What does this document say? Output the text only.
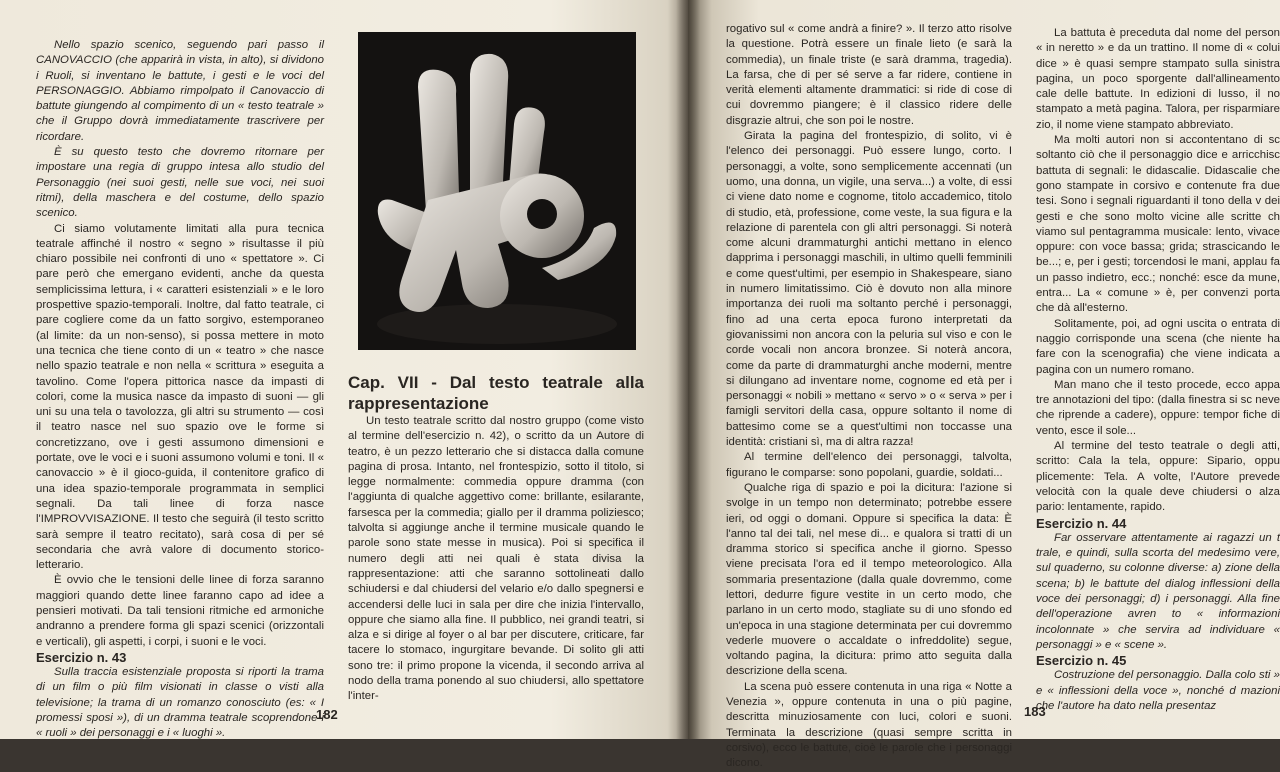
Nello spazio scenico, seguendo pari passo il CANOVACCIO (che apparirà in vista, in alto), si dividono i Ruoli, si inventano le battute, i gesti e le voci del PERSONAGGIO. Abbiamo rimpolpato il Canovaccio di battute giungendo al compimento di un « testo teatrale » che il Gruppo dovrà immediatamente trascrivere per ricordare.

È su questo testo che dovremo ritornare per impostare una regia di gruppo intesa allo studio del Personaggio (nei suoi gesti, nelle sue voci, nei suoi ritmi), della maschera e del costume, dello spazio scenico.

Ci siamo volutamente limitati alla pura tecnica teatrale affinché il nostro « segno » risultasse il più chiaro possibile nei confronti di uno « spettatore ». Ci pare però che emergano evidenti, anche da questa semplicissima lettura, i « caratteri esistenziali » e le loro prospettive spazio-temporali. Inoltre, dal fatto teatrale, ci pare cogliere come da un fatto sorgivo, estemporaneo (al limite: da un non-senso), si possa mettere in moto una tecnica che tiene conto di un « teatro » che nasce nello spazio teatrale e non nella « scrittura » eseguita a tavolino. Come l'opera pittorica nasce da impasti di colori, come la musica nasce da impasto di suoni — gli uni su una tela o tavolozza, gli altri su strumento — così il teatro nasce nel suo spazio ove le forme si concretizzano, ove i gesti assumono dimensioni e portate, ove le voci e i suoni assumono volumi e toni. Il « canovaccio » è il gioco-guida, il contenitore grafico di una idea spazio-temporale programmata in semplici segnali. Da tali linee di forza nasce l'IMPROVVISAZIONE. Il testo che seguirà (il testo scritto sarà sempre il teatro recitato), sarà cosa di per sé secondaria che avrà valore di documento storico-letterario.

È ovvio che le tensioni delle linee di forza saranno maggiori quando dette linee faranno capo ad idee a pensieri motivati. Da tali tensioni ritmiche ed armoniche andranno a prendere forma gli spazi scenici (orizzontali e verticali), gli aspetti, i corpi, i suoni e le voci.

Esercizio n. 43

Sulla traccia esistenziale proposta si riporti la trama di un film o più film visionati in classe o visti alla televisione; la trama di un romanzo conosciuto (es: « I promessi sposi »), di un dramma teatrale scoprendone i « ruoli » dei personaggi e i « luoghi ».

Cap. VII - Dal testo teatrale alla rappresentazione

Un testo teatrale scritto dal nostro gruppo (come visto al termine dell'esercizio n. 42), o scritto da un Autore di teatro, è un pezzo letterario che si distacca dalla comune pagina di prosa. Intanto, nel frontespizio, sotto il titolo, si legge normalmente: commedia oppure dramma (con l'aggiunta di qualche aggettivo come: brillante, esilarante, farsesca per la commedia; giallo per il dramma poliziesco; talvolta si aggiunge anche il termine musicale quando le parole sono state messe in musica). Poi si specifica il numero degli atti nei quali è stata divisa la rappresentazione: atti che saranno sottolineati dallo schiudersi e dal chiudersi del velario e/o dallo spegnersi e accendersi delle luci in sala per dire che inizia l'intervallo, oppure che siamo alla fine. Il pubblico, nei grandi teatri, si alza e si dirige al foyer o al bar per discutere, criticare, far tacere lo stomaco, ingurgitare bevande. Di solito gli atti sono tre: il primo propone la vicenda, il secondo arriva al nodo della trama ponendo al suo chiudersi, allo spettatore l'inter-

182

rogativo sul « come andrà a finire? ». Il terzo atto risolve la questione. Potrà essere un finale lieto (e sarà la commedia), un finale triste (e sarà dramma, tragedia). La farsa, che di per sé serve a far ridere, contiene in verità elementi altamente drammatici: si ride di cose di cui dovremmo piangere; è il classico ridere delle disgrazie altrui, che son poi le nostre.

Girata la pagina del frontespizio, di solito, vi è l'elenco dei personaggi. Può essere lungo, corto. I personaggi, a volte, sono semplicemente accennati (un uomo, una donna, un vigile, una serva...) a volte, di essi ci viene dato nome e cognome, titolo accademico, titolo di studio, età, professione, come veste, la sua figura e la relazione di parentela con gli altri personaggi. Si noterà come alcuni drammaturghi antichi mettano in elenco dapprima i personaggi maschili, in ultimo quelli femminili e come quest'ultimi, per esempio in Shakespeare, siano in numero limitatissimo. Ciò è dovuto non alla minore importanza dei ruoli ma soltanto perché i personaggi, fino ad una certa epoca furono interpretati da giovanissimi non ancora con la peluria sul viso e con le corde vocali non ancora bronzee. Si noterà ancora, come da parte di drammaturghi anche moderni, mentre si dilungano ad inventare nome, cognome ed età per i personaggi « nobili » mettano « servo » o « serva » per i famigli servitori della casa, oppure soltanto il nome di battesimo come se a quest'ultimi non toccasse una identità: cristiani sì, ma di altra razza!

Al termine dell'elenco dei personaggi, talvolta, figurano le comparse: sono popolani, guardie, soldati...

Qualche riga di spazio e poi la dicitura: l'azione si svolge in un tempo non determinato; potrebbe essere ieri, od oggi o domani. Oppure si specifica la data: È l'anno tal dei tali, nel mese di... e qualora si tratti di un dramma storico si specifica anche il giorno. Spesso viene precisata l'ora ed il tempo meteorologico. Alla sommaria presentazione (dalla quale dovremmo, come lettori, dedurre figure vestite in un certo modo, che parlano in un certo modo, stagliate su di uno sfondo ed un'epoca in una stagione determinata per cui dovremmo vederle muovere o accaldate o infreddolite) segue, voltando pagina, la dicitura: primo atto seguita dalla descrizione della scena.

La scena può essere contenuta in una riga « Notte a Venezia », oppure contenuta in una o più pagine, descritta minuziosamente con luci, colori e suoni. Terminata la descrizione (quasi sempre scritta in corsivo), ecco le battute, cioè le parole che i personaggi dicono.

La battuta è preceduta dal nome del person « in neretto » e da un trattino. Il nome di « colui dice » è quasi sempre stampato sulla sinistra pagina, un poco sporgente dall'allineamento cale delle battute. In edizioni di lusso, il no stampato a metà pagina. Talora, per risparmiare zio, il nome viene stampato abbreviato.

Ma molti autori non si accontentano di sc soltanto ciò che il personaggio dice e arricchisc battuta di segnali: le didascalie. Didascalie che gono stampate in corsivo e contenute fra due tesi. Sono i segnali riguardanti il tono della v dei gesti e che sono molto vicine alle scritte ch viamo sul pentagramma musicale: lento, vivace oppure: con voce bassa; grida; strascicando le be...; e, per i gesti; torcendosi le mani, applau fa un passo indietro, ecc.; nonché: esce da mune, entra... La « comune » è, per convenzi porta che dà all'esterno.

Solitamente, poi, ad ogni uscita o entrata di naggio corrisponde una scena (che niente ha fare con la scenografia) che viene indicata a pagina con un numero romano.

Man mano che il testo procede, ecco appa tre annotazioni del tipo: (dalla finestra si sc neve che riprende a cadere), oppure: tempor fiche di vento, esce il sole...

Al termine del testo teatrale o degli atti, scritto: Cala la tela, oppure: Sipario, oppu plicemente: Tela. A volte, l'Autore prevede velocità con la quale deve chiudersi o alza pario: lentamente, rapido.

Esercizio n. 44

Far osservare attentamente ai ragazzi un t trale, e quindi, sulla scorta del medesimo vere, sul quaderno, su colonne diverse: a) zione della scena; b) le battute del dialog inflessioni della voce dei personaggi; d) i personaggi. Alla fine dell'operazione avren to « informazioni incolonnate » che servira ad individuare « personaggi » e « scene ».

Esercizio n. 45

Costruzione del personaggio. Dalla colo sti » e « inflessioni della voce », nonché d mazioni che l'autore ha dato nella presentaz

183
